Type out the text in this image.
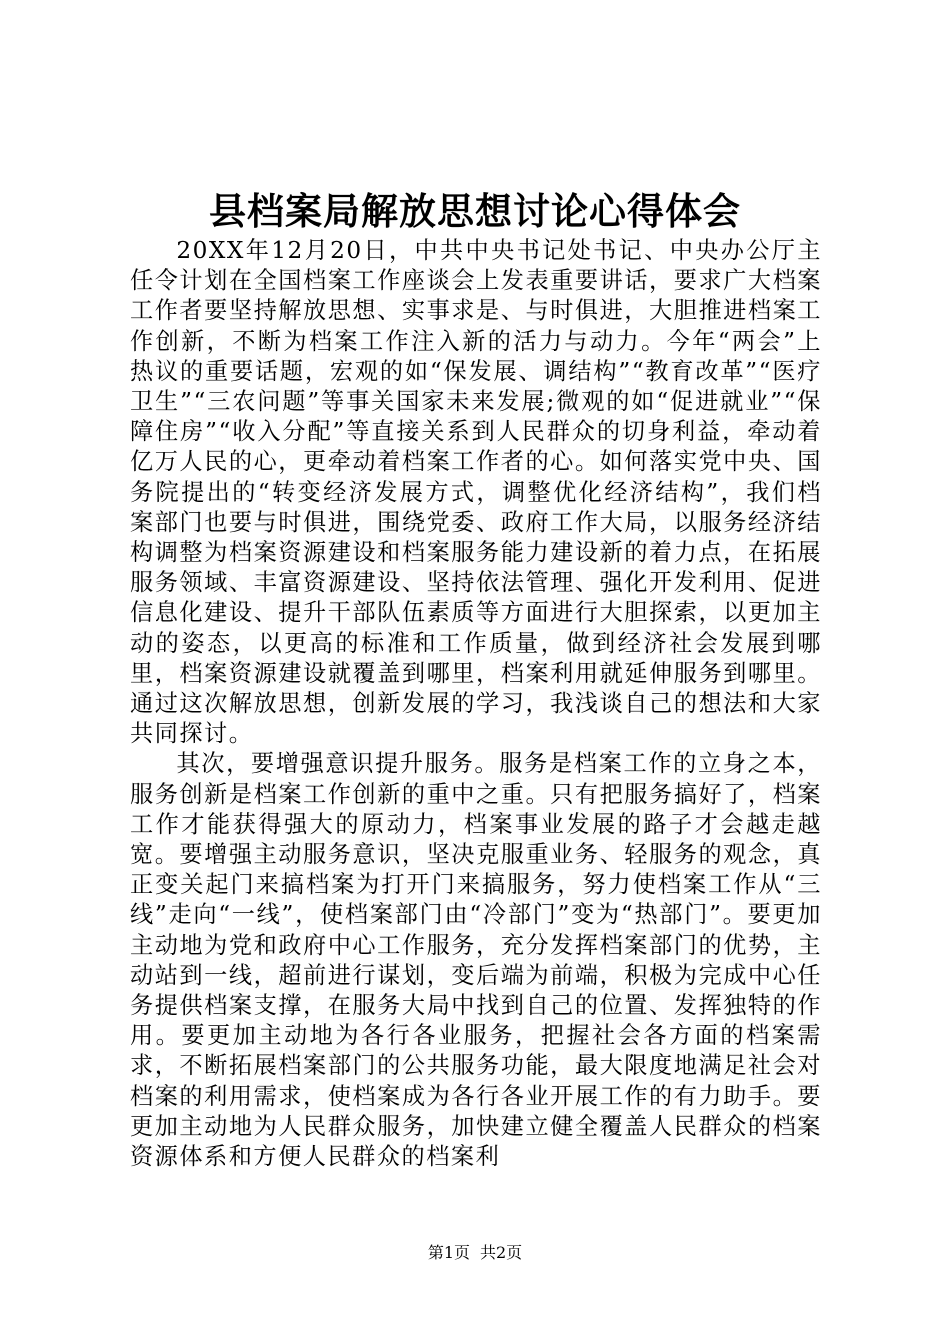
县档案局解放思想讨论心得体会

20XX年12月20日，中共中央书记处书记、中央办公厅主任令计划在全国档案工作座谈会上发表重要讲话，要求广大档案工作者要坚持解放思想、实事求是、与时俱进，大胆推进档案工作创新，不断为档案工作注入新的活力与动力。今年“两会”上热议的重要话题，宏观的如“保发展、调结构”“教育改革”“医疗卫生”“三农问题”等事关国家未来发展;微观的如“促进就业”“保障住房”“收入分配”等直接关系到人民群众的切身利益，牵动着亿万人民的心，更牵动着档案工作者的心。如何落实党中央、国务院提出的“转变经济发展方式，调整优化经济结构”，我们档案部门也要与时俱进，围绕党委、政府工作大局，以服务经济结构调整为档案资源建设和档案服务能力建设新的着力点，在拓展服务领域、丰富资源建设、坚持依法管理、强化开发利用、促进信息化建设、提升干部队伍素质等方面进行大胆探索，以更加主动的姿态，以更高的标准和工作质量，做到经济社会发展到哪里，档案资源建设就覆盖到哪里，档案利用就延伸服务到哪里。通过这次解放思想，创新发展的学习，我浅谈自己的想法和大家共同探讨。

其次，要增强意识提升服务。服务是档案工作的立身之本，服务创新是档案工作创新的重中之重。只有把服务搞好了，档案工作才能获得强大的原动力，档案事业发展的路子才会越走越宽。要增强主动服务意识，坚决克服重业务、轻服务的观念，真正变关起门来搞档案为打开门来搞服务，努力使档案工作从“三线”走向“一线”，使档案部门由“冷部门”变为“热部门”。要更加主动地为党和政府中心工作服务，充分发挥档案部门的优势，主动站到一线，超前进行谋划，变后端为前端，积极为完成中心任务提供档案支撑，在服务大局中找到自己的位置、发挥独特的作用。要更加主动地为各行各业服务，把握社会各方面的档案需求，不断拓展档案部门的公共服务功能，最大限度地满足社会对档案的利用需求，使档案成为各行各业开展工作的有力助手。要更加主动地为人民群众服务，加快建立健全覆盖人民群众的档案资源体系和方便人民群众的档案利

第1页 共2页
